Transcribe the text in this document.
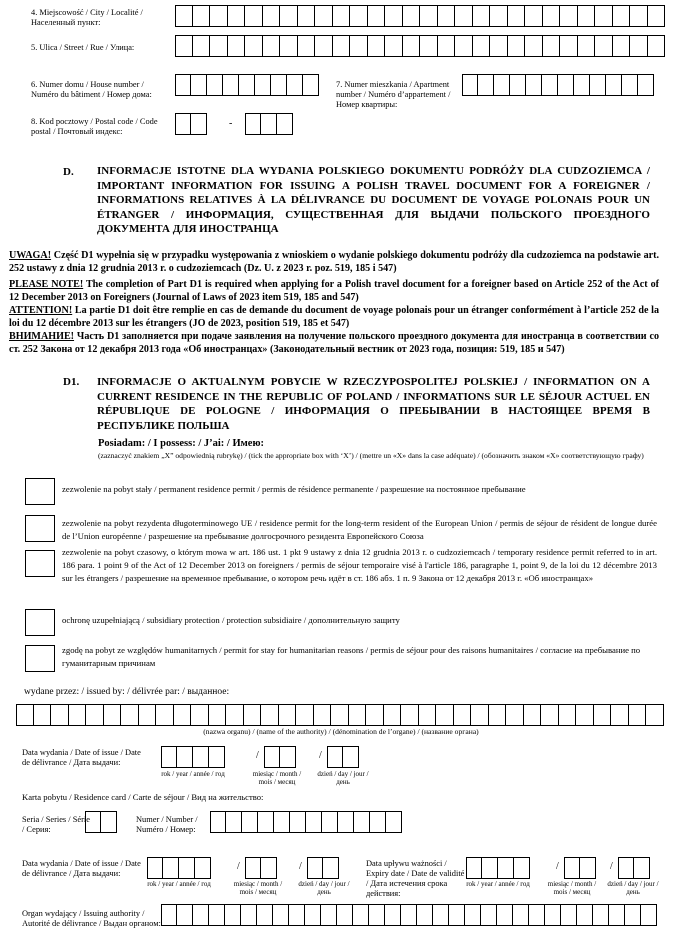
4. Miejscowość / City / Localité / Населенный пункт:
5. Ulica / Street / Rue / Улица:
6. Numer domu / House number / Numéro du bâtiment / Номер дома:
7. Numer mieszkania / Apartment number / Numéro d’appartement / Номер квартиры:
8. Kod pocztowy / Postal code / Code postal / Почтовый индекс:
-
D. INFORMACJE ISTOTNE DLA WYDANIA POLSKIEGO DOKUMENTU PODRÓŻY DLA CUDZOZIEMCA / IMPORTANT INFORMATION FOR ISSUING A POLISH TRAVEL DOCUMENT FOR A FOREIGNER / INFORMATIONS RELATIVES À LA DÉLIVRANCE DU DOCUMENT DE VOYAGE POLONAIS POUR UN ÉTRANGER / ИНФОРМАЦИЯ, СУЩЕСТВЕННАЯ ДЛЯ ВЫДАЧИ ПОЛЬСКОГО ПРОЕЗДНОГО ДОКУМЕНТА ДЛЯ ИНОСТРАНЦА
UWAGA! Część D1 wypełnia się w przypadku występowania z wnioskiem o wydanie polskiego dokumentu podróży dla cudzoziemca na podstawie art. 252 ustawy z dnia 12 grudnia 2013 r. o cudzoziemcach (Dz. U. z 2023 r. poz. 519, 185 i 547)
PLEASE NOTE! The completion of Part D1 is required when applying for a Polish travel document for a foreigner based on Article 252 of the Act of 12 December 2013 on Foreigners (Journal of Laws of 2023 item 519, 185 and 547)
ATTENTION! La partie D1 doit être remplie en cas de demande du document de voyage polonais pour un étranger conformément à l’article 252 de la loi du 12 décembre 2013 sur les étrangers (JO de 2023, position 519, 185 et 547)
ВНИМАНИЕ! Часть D1 заполняется при подаче заявления на получение польского проездного документа для иностранца в соответствии со ст. 252 Закона от 12 декабря 2013 года «Об иностранцах» (Законодательный вестник от 2023 года, позиция: 519, 185 и 547)
D1. INFORMACJE O AKTUALNYM POBYCIE W RZECZYPOSPOLITEJ POLSKIEJ / INFORMATION ON A CURRENT RESIDENCE IN THE REPUBLIC OF POLAND / INFORMATIONS SUR LE SÉJOUR ACTUEL EN RÉPUBLIQUE DE POLOGNE / ИНФОРМАЦИЯ О ПРЕБЫВАНИИ В НАСТОЯЩЕЕ ВРЕМЯ В РЕСПУБЛИКЕ ПОЛЬША
Posiadam: / I possess: / J’ai: / Имею:
(zaznaczyć znakiem „X” odpowiednią rubrykę) / (tick the appropriate box with ‘X’) / (mettre un «X» dans la case adéquate) / (обозначить знаком «X» соответствующую графу)
zezwolenie na pobyt stały / permanent residence permit / permis de résidence permanente / разрешение на постоянное пребывание
zezwolenie na pobyt rezydenta długoterminowego UE / residence permit for the long-term resident of the European Union / permis de séjour de résident de longue durée de l’Union européenne / разрешение на пребывание долгосрочного резидента Европейского Союза
zezwolenie na pobyt czasowy, o którym mowa w art. 186 ust. 1 pkt 9 ustawy z dnia 12 grudnia 2013 r. o cudzoziemcach / temporary residence permit referred to in art. 186 para. 1 point 9 of the Act of 12 December 2013 on foreigners / permis de séjour temporaire visé à l'article 186, paragraphe 1, point 9, de la loi du 12 décembre 2013 sur les étrangers / разрешение на временное пребывание, о котором речь идёт в ст. 186 абз. 1 п. 9 Закона от 12 декабря 2013 г. «Об иностранцах»
ochronę uzupełniającą / subsidiary protection / protection subsidiaire / дополнительную защиту
zgodę na pobyt ze względów humanitarnych / permit for stay for humanitarian reasons / permis de séjour pour des raisons humanitaires / согласие на пребывание по гуманитарным причинам
wydane przez: / issued by: / délivrée par: / выданное:
(nazwa organu) / (name of the authority) / (dénomination de l’organe) / (название органа)
Data wydania / Date of issue / Date de délivrance / Дата выдачи:
/	/
rok / year / année / год	miesiąc / month / mois / месяц
dzień / day / jour / день
Karta pobytu / Residence card / Carte de séjour / Вид на жительство:
Seria / Series / Série / Серия:
Numer / Number / Numéro / Номер:
Data wydania / Date of issue / Date de délivrance / Дата выдачи:
/	/
rok / year / année / год	miesiąc / month / mois / месяц
dzień / day / jour / день
Data upływu ważności / Expiry date / Date de validité / Дата истечения срока действия:
/	/
rok / year / année / год	miesiąc / month / mois / месяц
dzień / day / jour / день
Organ wydający / Issuing authority / Autorité de délivrance / Выдан органом:
